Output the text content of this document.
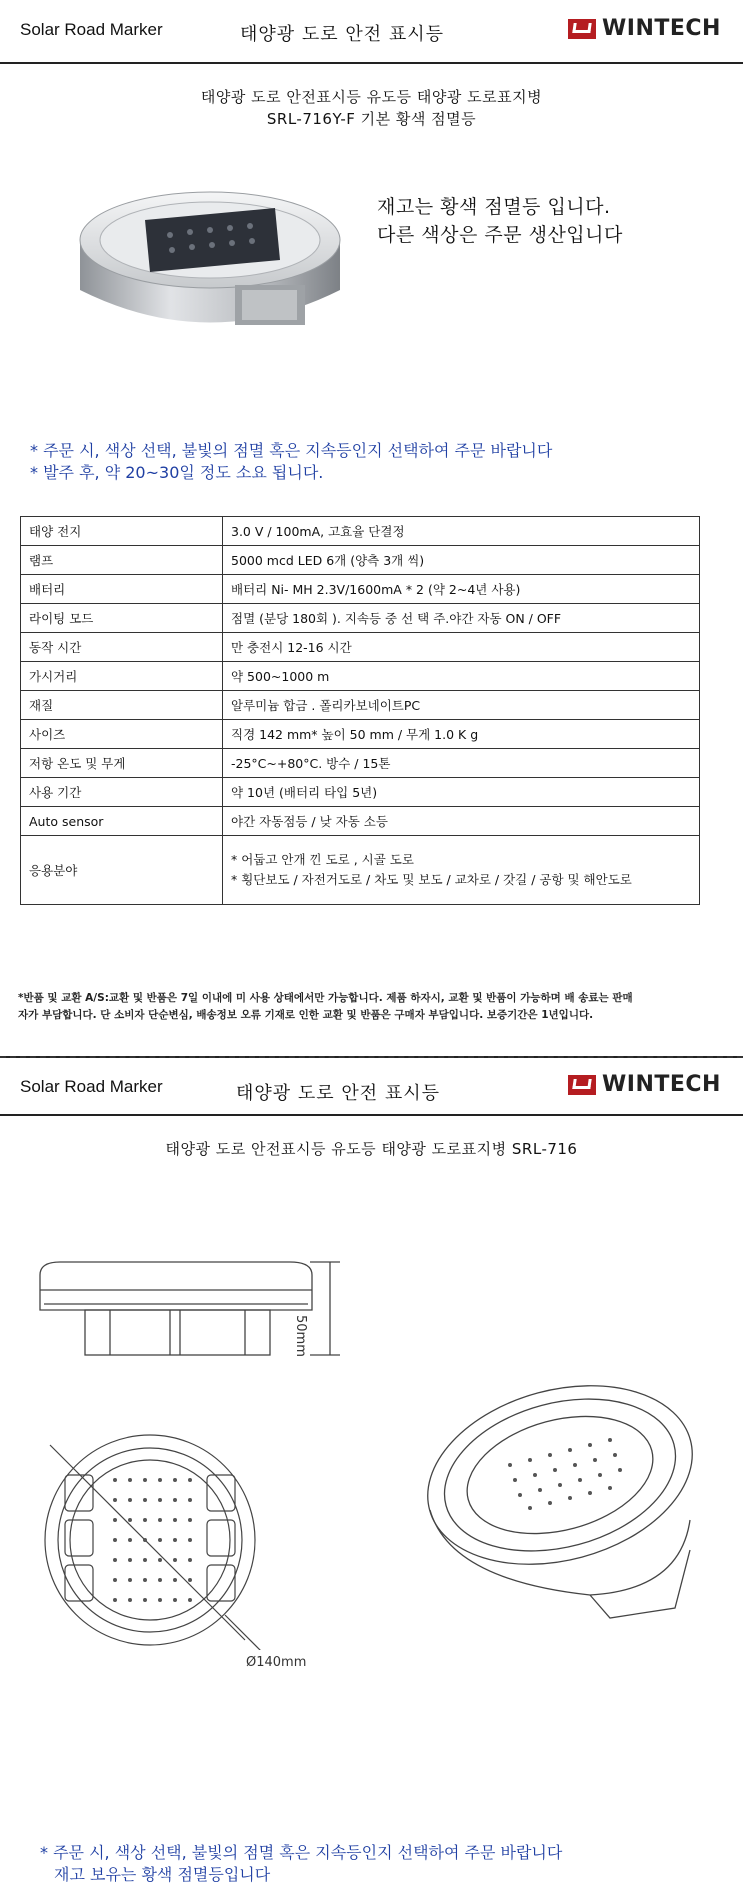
Solar Road Marker	태양광 도로 안전 표시등	WINTECH
태양광 도로 안전표시등 유도등 태양광 도로표지병
SRL-716Y-F 기본 황색 점멸등
재고는 황색 점멸등 입니다.
다른 색상은 주문 생산입니다
* 주문 시, 색상 선택, 불빛의 점멸 혹은 지속등인지 선택하여 주문 바랍니다
* 발주 후, 약 20~30일 정도 소요 됩니다.
태양 전지	3.0 V / 100mA, 고효율 단결정
램프	5000 mcd LED 6개 (양측 3개 씩)
배터리	배터리 Ni- MH 2.3V/1600mA * 2 (약 2~4년 사용)
라이팅 모드	점멸 (분당 180회 ). 지속등 중 선 택 주.야간 자동 ON / OFF
동작 시간	만 충전시 12-16 시간
가시거리	약 500~1000 m
재질	알루미늄 합금 . 폴리카보네이트PC
사이즈	직경 142 mm* 높이 50 mm / 무게 1.0 K g
저항 온도 및 무게	-25°C~+80°C. 방수 / 15톤
사용 기간	약 10년 (배터리 타입 5년)
Auto sensor	야간 자동점등 / 낮 자동 소등
응용분야	* 어둡고 안개 낀 도로 , 시골 도로
* 횡단보도 / 자전거도로 / 차도 및 보도 / 교차로 / 갓길 / 공항 및 해안도로
*반품 및 교환 A/S:교환 및 반품은 7일 이내에 미 사용 상태에서만 가능합니다. 제품 하자시, 교환 및 반품이 가능하며 배 송료는 판매
자가 부담합니다. 단 소비자 단순변심, 배송정보 오류 기재로 인한 교환 및 반품은 구매자 부담입니다. 보증기간은 1년입니다.
Solar Road Marker	태양광 도로 안전 표시등	WINTECH
태양광 도로 안전표시등 유도등 태양광 도로표지병 SRL-716
50mm
Ø140mm
* 주문 시, 색상 선택, 불빛의 점멸 혹은 지속등인지 선택하여 주문 바랍니다
재고 보유는 황색 점멸등입니다
